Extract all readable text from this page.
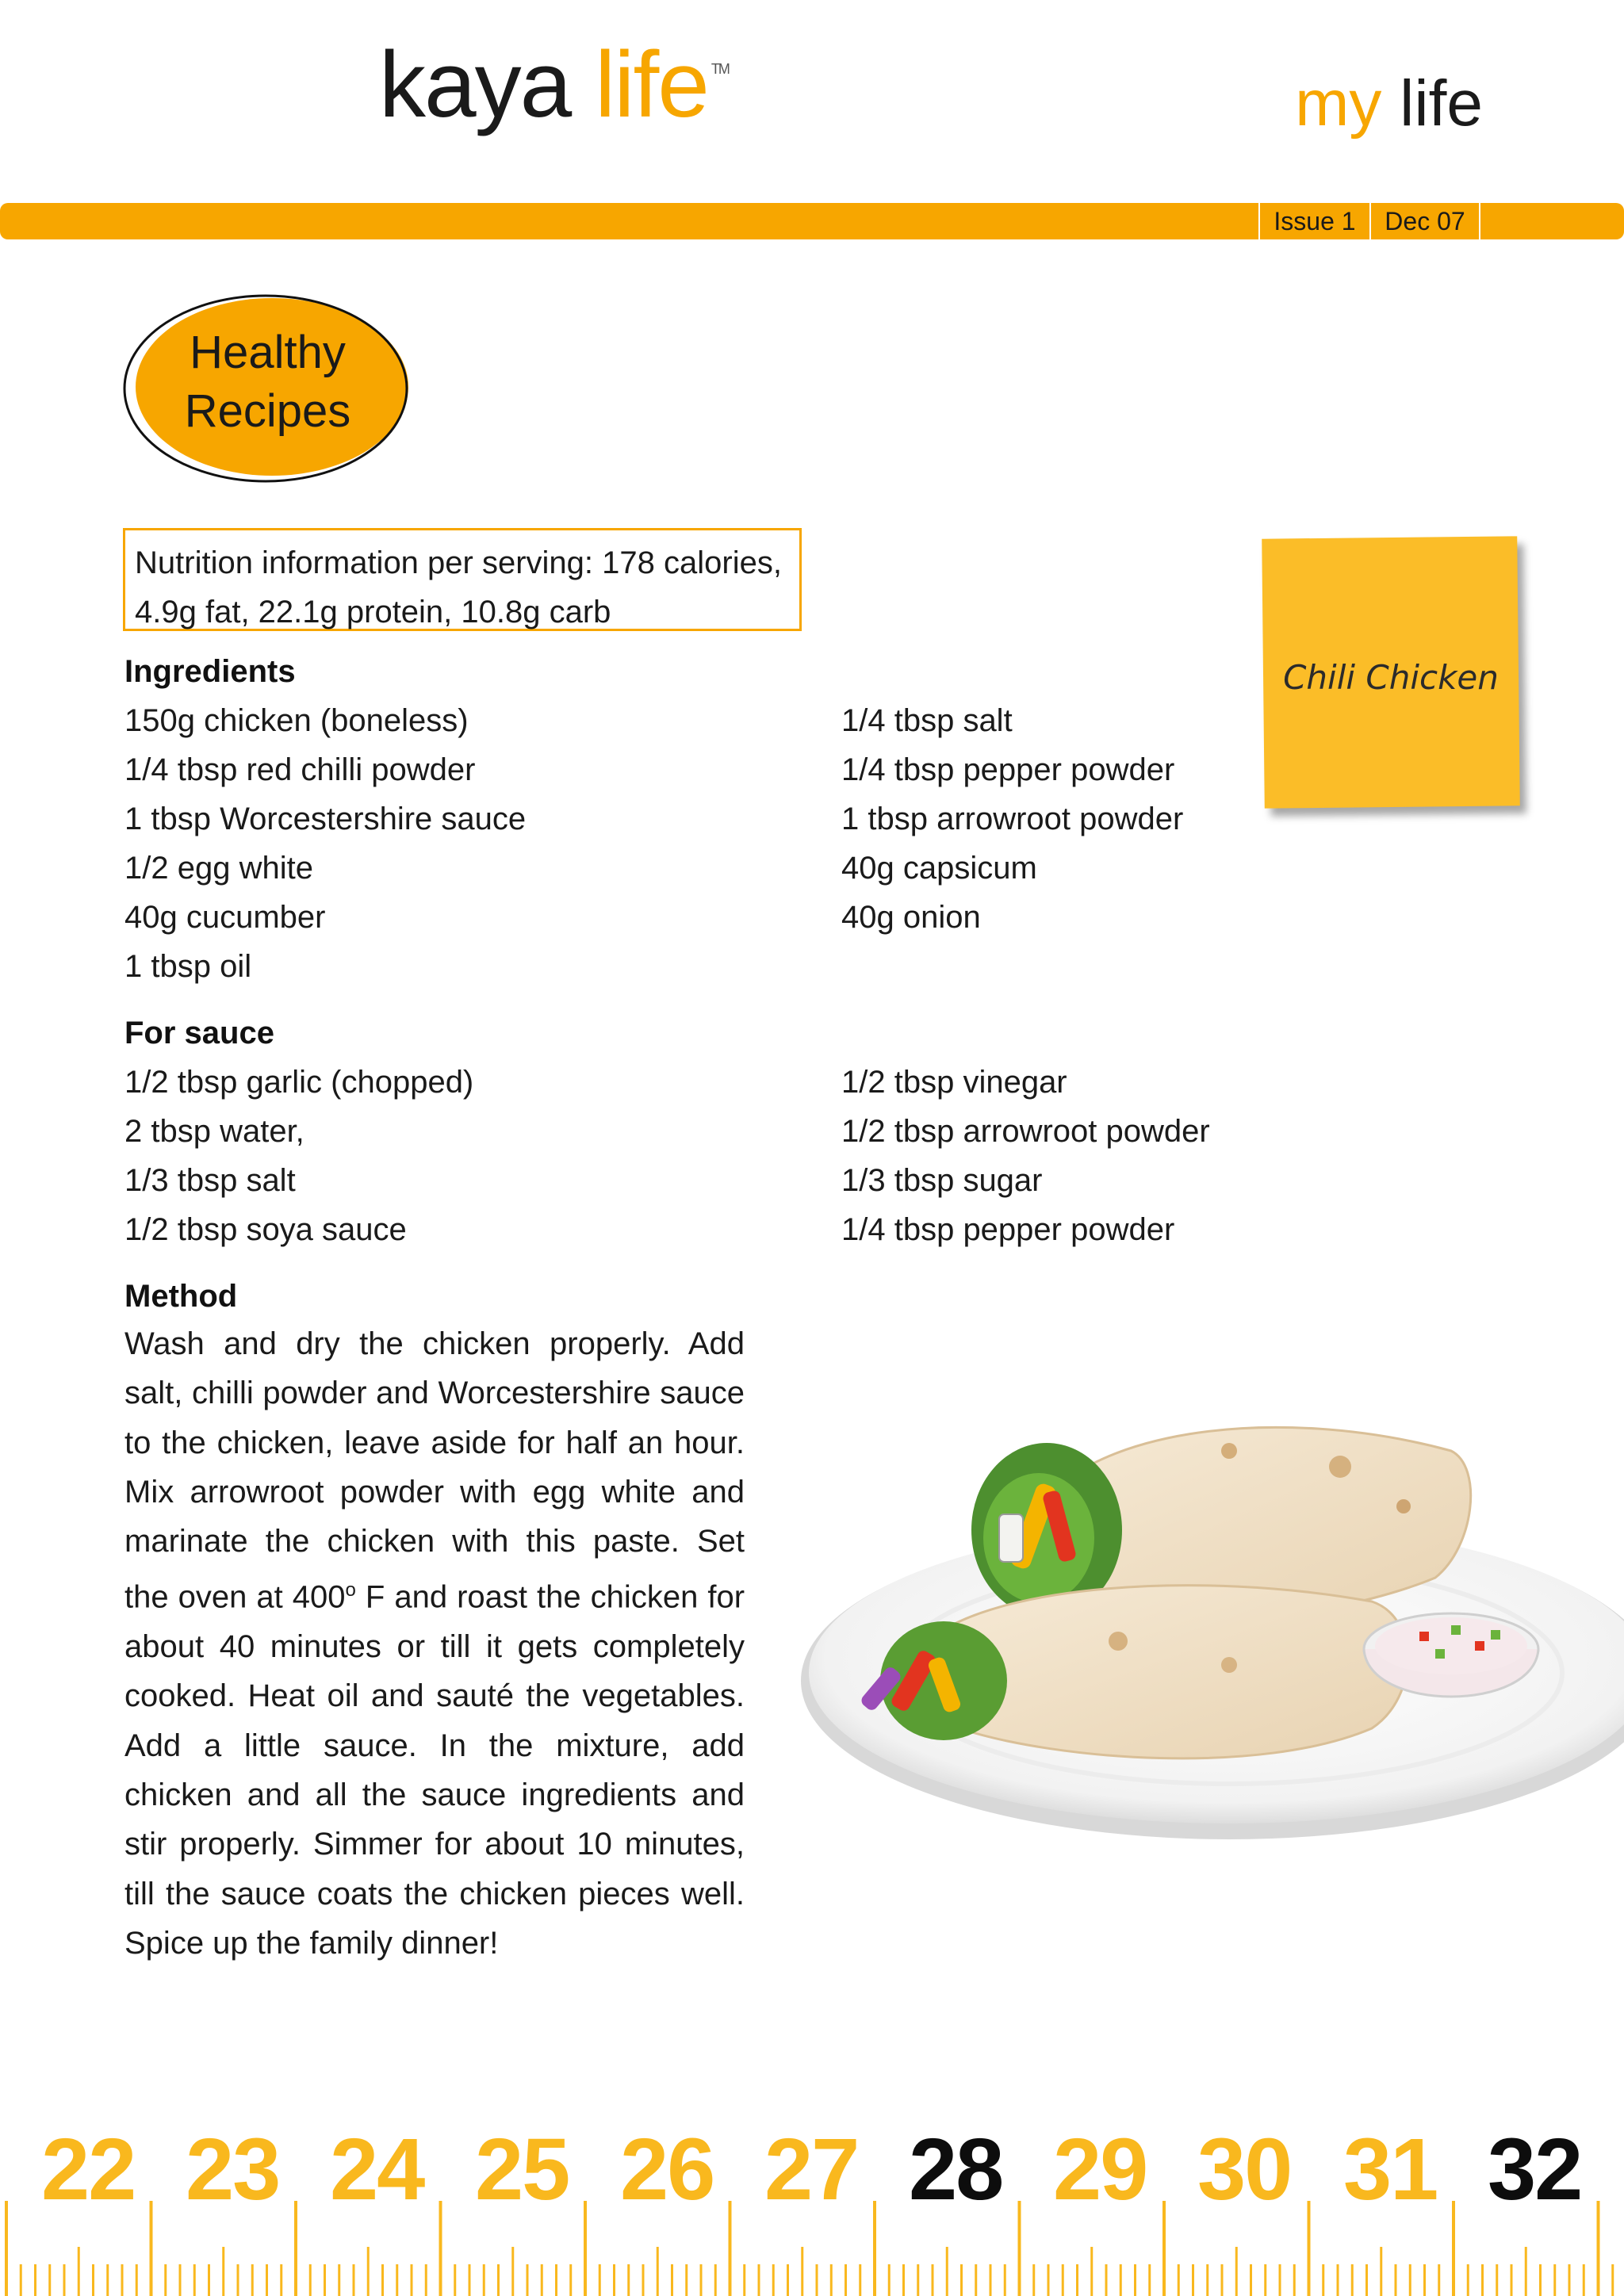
kaya life ™	my life
Issue 1	Dec 07
Healthy
Recipes
Nutrition information per serving: 178 calories,
4.9g fat, 22.1g protein, 10.8g carb
Chili Chicken
Ingredients
150g chicken (boneless)
1/4 tbsp red chilli powder
1 tbsp Worcestershire sauce
1/2 egg white
40g cucumber
1 tbsp oil
1/4 tbsp salt
1/4 tbsp pepper powder
1 tbsp arrowroot powder
40g capsicum
40g onion
For sauce
1/2 tbsp garlic (chopped)
2 tbsp water,
1/3 tbsp salt
1/2 tbsp soya sauce
1/2 tbsp vinegar
1/2 tbsp arrowroot powder
1/3 tbsp sugar
1/4 tbsp pepper powder
Method
Wash and dry the chicken properly. Add salt, chilli powder and Worcestershire sauce to the chicken, leave aside for half an hour. Mix arrowroot powder with egg white and marinate the chicken with this paste. Set the oven at 400$^o$ F and roast the chicken for about 40 minutes or till it gets completely cooked. Heat oil and sauté the vegetables. Add a little sauce. In the mixture, add chicken and all the sauce ingredients and stir properly. Simmer for about 10 minutes, till the sauce coats the chicken pieces well. Spice up the family dinner!
22 23 24 25 26 27 28 29 30 31 32
